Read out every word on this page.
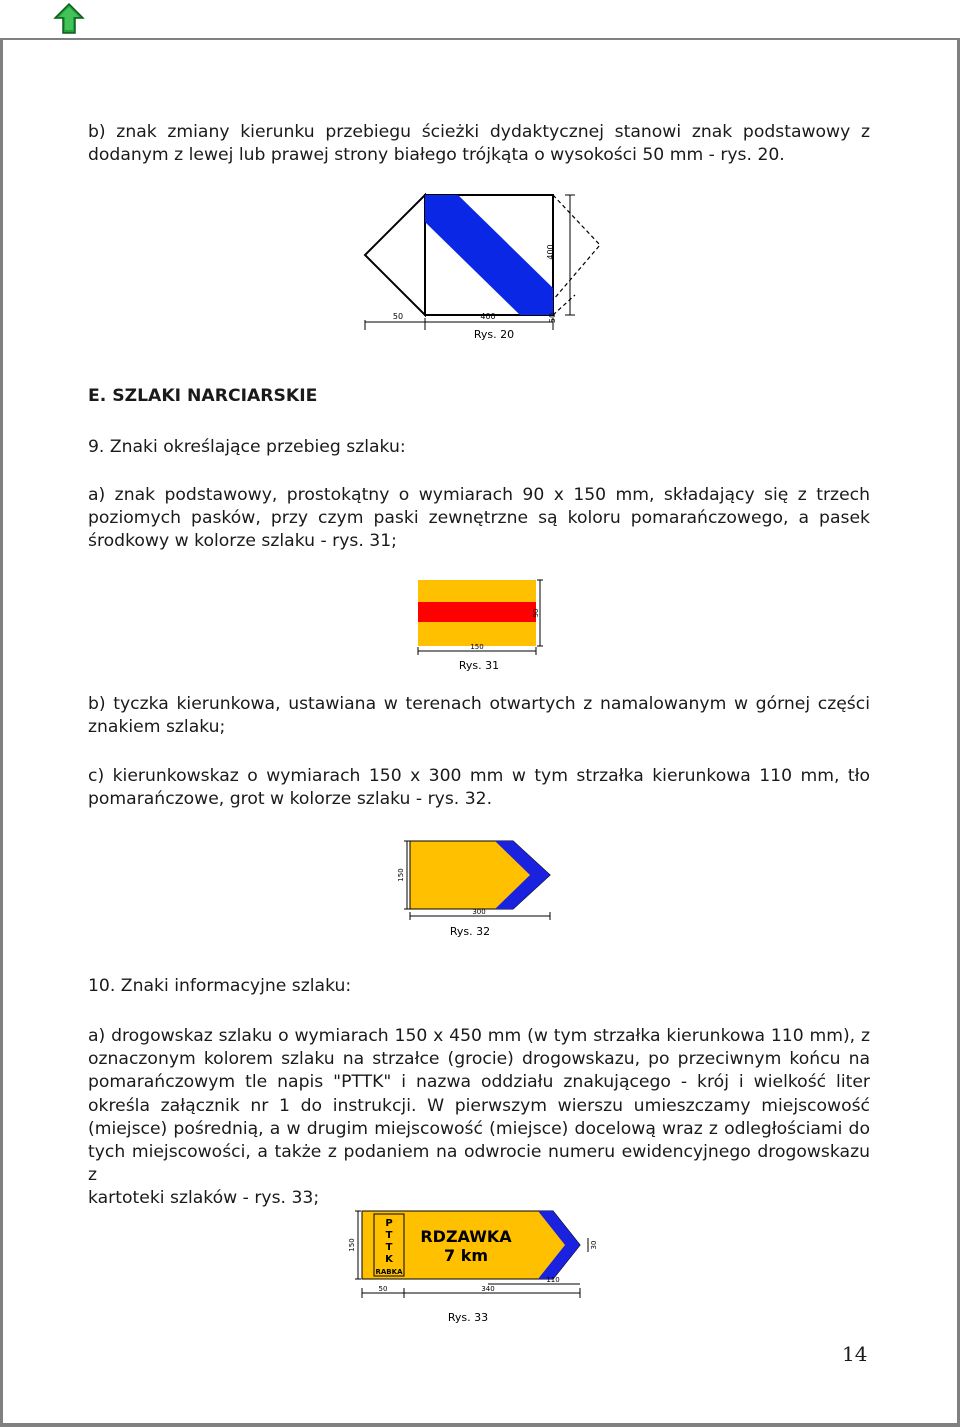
b) znak zmiany kierunku przebiegu ścieżki dydaktycznej stanowi znak podstawowy z
dodanym z lewej lub prawej strony białego trójkąta o wysokości 50 mm - rys. 20.

50	400
400
50
Rys. 20

E. SZLAKI NARCIARSKIE

9. Znaki określające przebieg szlaku:

a) znak podstawowy, prostokątny o wymiarach 90 x 150 mm, składający się z trzech
poziomych pasków, przy czym paski zewnętrzne są koloru pomarańczowego, a pasek
środkowy w kolorze szlaku - rys. 31;

90
150
Rys. 31

b) tyczka kierunkowa, ustawiana w terenach otwartych z namalowanym w górnej części
znakiem szlaku;

c) kierunkowskaz o wymiarach 150 x 300 mm w tym strzałka kierunkowa 110 mm, tło
pomarańczowe, grot w kolorze szlaku - rys. 32.

150
300
Rys. 32

10. Znaki informacyjne szlaku:

a) drogowskaz szlaku o wymiarach 150 x 450 mm (w tym strzałka kierunkowa 110 mm), z
oznaczonym kolorem szlaku na strzałce (grocie) drogowskazu, po przeciwnym końcu na
pomarańczowym tle napis "PTTK" i nazwa oddziału znakującego - krój i wielkość liter
określa załącznik nr 1 do instrukcji. W pierwszym wierszu umieszczamy miejscowość
(miejsce) pośrednią, a w drugim miejscowość (miejsce) docelową wraz z odległościami do
tych miejscowości, a także z podaniem na odwrocie numeru ewidencyjnego drogowskazu z
kartoteki szlaków - rys. 33;

P
T
T
K
RABKA
RDZAWKA
7 km
150	30
110
50	340
Rys. 33
14
